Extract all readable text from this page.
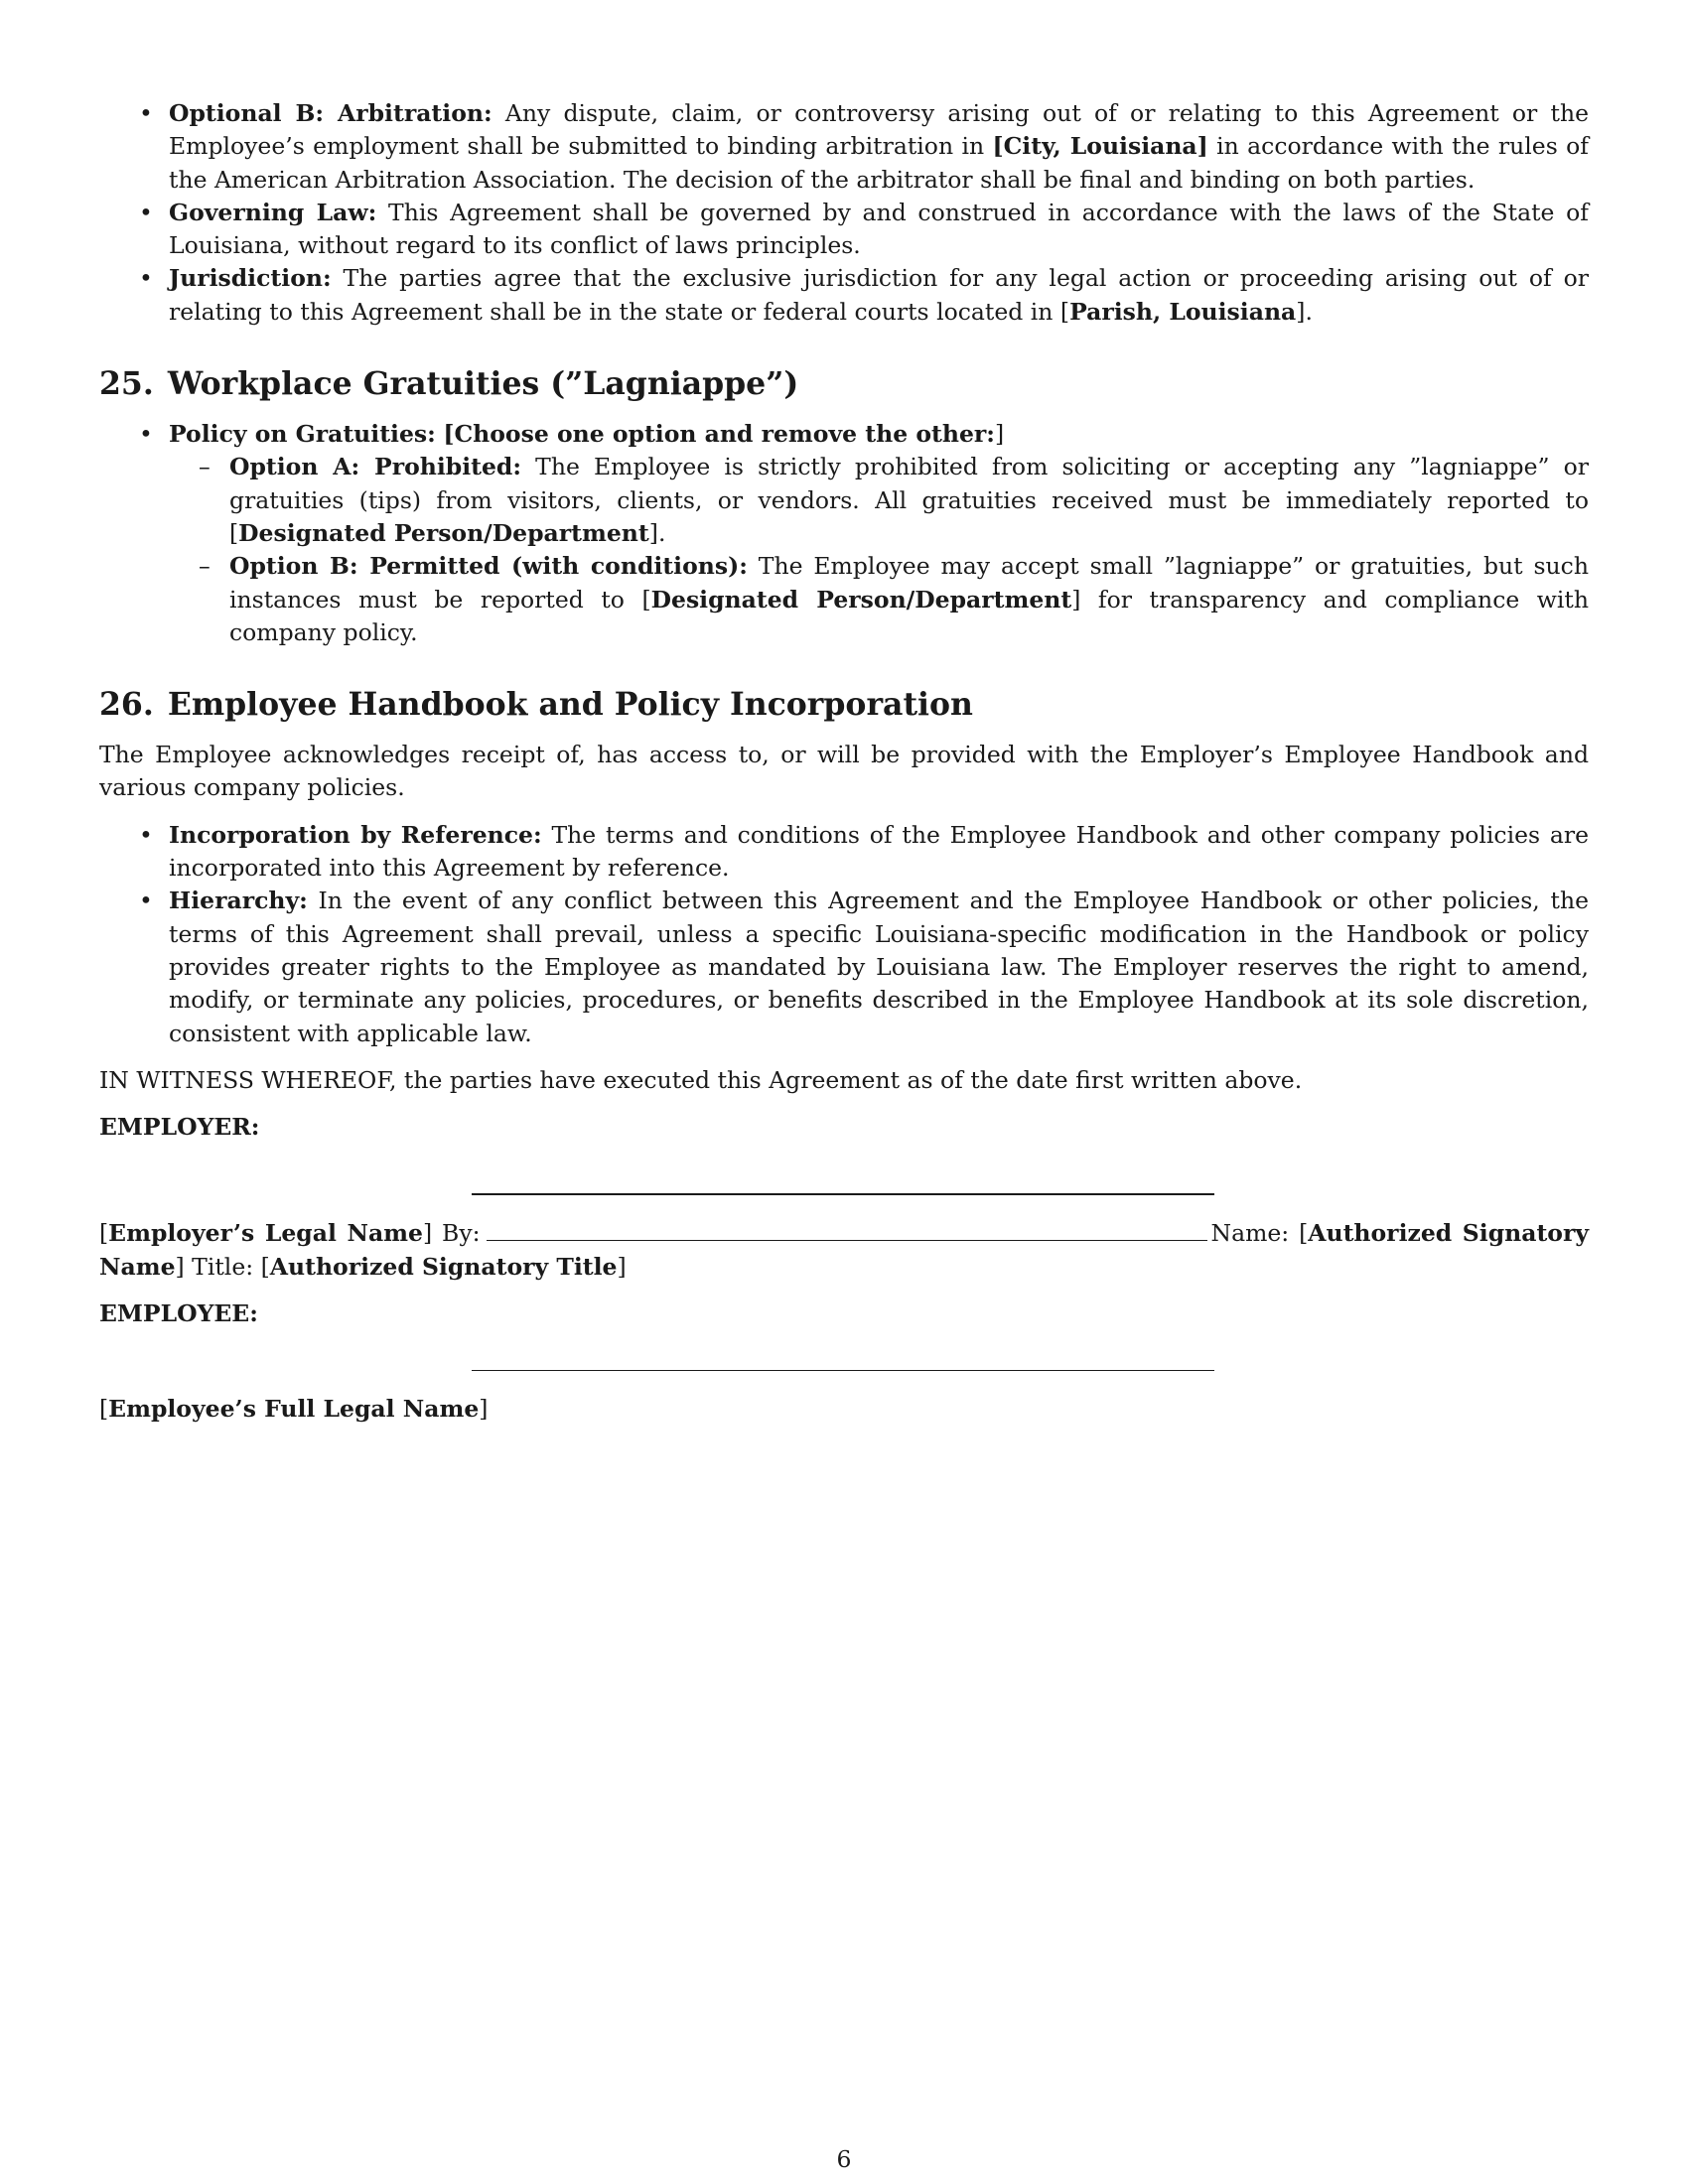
• Optional B: Arbitration: Any dispute, claim, or controversy arising out of or relating to this Agreement or the Employee’s employment shall be submitted to binding arbitration in [City, Louisiana] in accordance with the rules of the American Arbitration Association. The decision of the arbitrator shall be final and binding on both parties.
• Governing Law: This Agreement shall be governed by and construed in accordance with the laws of the State of Louisiana, without regard to its conflict of laws principles.
• Jurisdiction: The parties agree that the exclusive jurisdiction for any legal action or proceeding arising out of or relating to this Agreement shall be in the state or federal courts located in [Parish, Louisiana].
25. Workplace Gratuities (”Lagniappe”)
• Policy on Gratuities: [Choose one option and remove the other:]
– Option A: Prohibited: The Employee is strictly prohibited from soliciting or accepting any ”lagniappe” or gratuities (tips) from visitors, clients, or vendors. All gratuities received must be immediately reported to [Designated Person/Department].
– Option B: Permitted (with conditions): The Employee may accept small ”lagniappe” or gratuities, but such instances must be reported to [Designated Person/Department] for transparency and compliance with company policy.
26. Employee Handbook and Policy Incorporation

The Employee acknowledges receipt of, has access to, or will be provided with the Employer’s Employee Handbook and various company policies.

• Incorporation by Reference: The terms and conditions of the Employee Handbook and other company policies are incorporated into this Agreement by reference.
• Hierarchy: In the event of any conflict between this Agreement and the Employee Handbook or other policies, the terms of this Agreement shall prevail, unless a specific Louisiana-specific modification in the Handbook or policy provides greater rights to the Employee as mandated by Louisiana law. The Employer reserves the right to amend, modify, or terminate any policies, procedures, or benefits described in the Employee Handbook at its sole discretion, consistent with applicable law.

IN WITNESS WHEREOF, the parties have executed this Agreement as of the date first written above.

EMPLOYER:

[Employer’s Legal Name] By:	Name: [Authorized Signatory Name] Title: [Authorized Signatory Title]

EMPLOYEE:

[Employee’s Full Legal Name]

6
